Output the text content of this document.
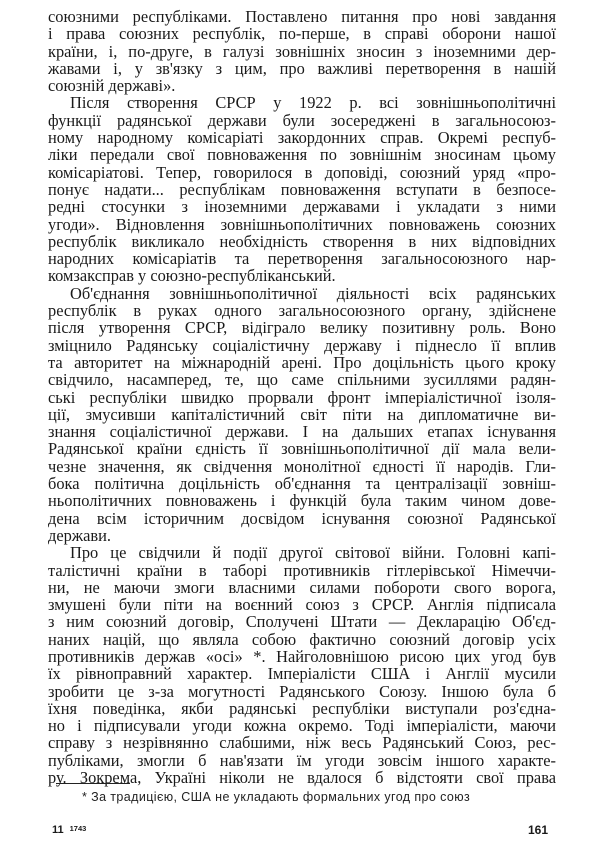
союзними республіками. Поставлено питання про нові завдання
і права союзних республік, по-перше, в справі оборони нашої
країни, і, по-друге, в галузі зовнішніх зносин з іноземними дер-
жавами і, у зв'язку з цим, про важливі перетворення в нашій
союзній державі».
Після створення СРСР у 1922 р. всі зовнішньополітичні
функції радянської держави були зосереджені в загальносоюз-
ному народному комісаріаті закордонних справ. Окремі респуб-
ліки передали свої повноваження по зовнішнім зносинам цьому
комісаріатові. Тепер, говорилося в доповіді, союзний уряд «про-
понує надати... республікам повноваження вступати в безпосе-
редні стосунки з іноземними державами і укладати з ними
угоди». Відновлення зовнішньополітичних повноважень союзних
республік викликало необхідність створення в них відповідних
народних комісаріатів та перетворення загальносоюзного нар-
комзаксправ у союзно-республіканський.
Об'єднання зовнішньополітичної діяльності всіх радянських
республік в руках одного загальносоюзного органу, здійснене
після утворення СРСР, відіграло велику позитивну роль. Воно
зміцнило Радянську соціалістичну державу і піднесло її вплив
та авторитет на міжнародній арені. Про доцільність цього кроку
свідчило, насамперед, те, що саме спільними зусиллями радян-
ські республіки швидко прорвали фронт імперіалістичної ізоля-
ції, змусивши капіталістичний світ піти на дипломатичне ви-
знання соціалістичної держави. І на дальших етапах існування
Радянської країни єдність її зовнішньополітичної дії мала вели-
чезне значення, як свідчення монолітної єдності її народів. Гли-
бока політична доцільність об'єднання та централізації зовніш-
ньополітичних повноважень і функцій була таким чином дове-
дена всім історичним досвідом існування союзної Радянської
держави.
Про це свідчили й події другої світової війни. Головні капі-
талістичні країни в таборі противників гітлерівської Німеччи-
ни, не маючи змоги власними силами побороти свого ворога,
змушені були піти на воєнний союз з СРСР. Англія підписала
з ним союзний договір, Сполучені Штати — Декларацію Об'єд-
наних націй, що являла собою фактично союзний договір усіх
противників держав «осі» *. Найголовнішою рисою цих угод був
їх рівноправний характер. Імперіалісти США і Англії мусили
зробити це з-за могутності Радянського Союзу. Іншою була б
їхня поведінка, якби радянські республіки виступали роз'єдна-
но і підписували угоди кожна окремо. Тоді імперіалісти, маючи
справу з незрівнянно слабшими, ніж весь Радянський Союз, рес-
публіками, змогли б нав'язати їм угоди зовсім іншого характе-
ру. Зокрема, Україні ніколи не вдалося б відстояти свої права
* За традицією, США не укладають формальних угод про союз
11 $^{1743}$	161
